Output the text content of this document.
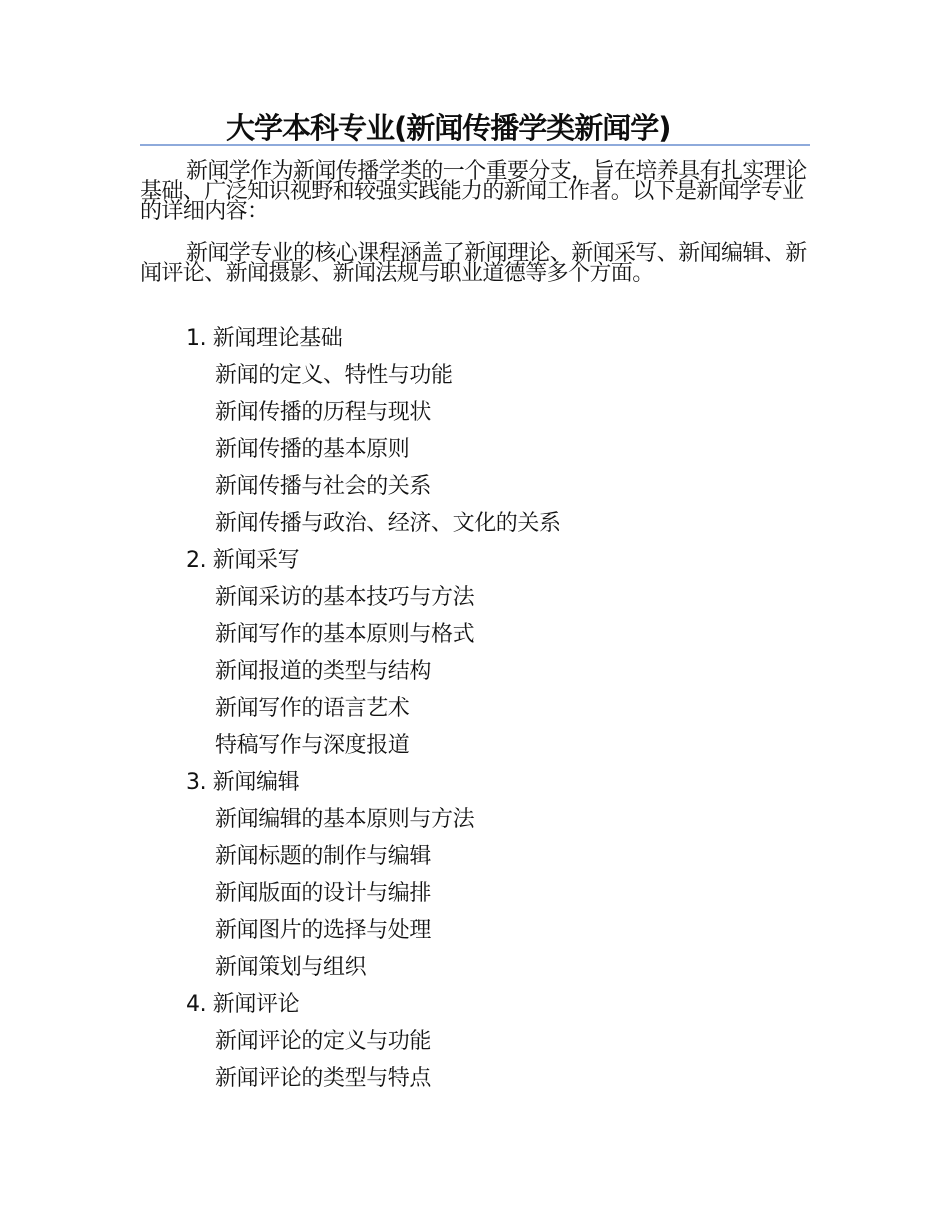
大学本科专业(新闻传播学类新闻学)

新闻学作为新闻传播学类的一个重要分支，旨在培养具有扎实理论基础、广泛知识视野和较强实践能力的新闻工作者。以下是新闻学专业的详细内容：

新闻学专业的核心课程涵盖了新闻理论、新闻采写、新闻编辑、新闻评论、新闻摄影、新闻法规与职业道德等多个方面。

1. 新闻理论基础
新闻的定义、特性与功能
新闻传播的历程与现状
新闻传播的基本原则
新闻传播与社会的关系
新闻传播与政治、经济、文化的关系
2. 新闻采写
新闻采访的基本技巧与方法
新闻写作的基本原则与格式
新闻报道的类型与结构
新闻写作的语言艺术
特稿写作与深度报道
3. 新闻编辑
新闻编辑的基本原则与方法
新闻标题的制作与编辑
新闻版面的设计与编排
新闻图片的选择与处理
新闻策划与组织
4. 新闻评论
新闻评论的定义与功能
新闻评论的类型与特点
